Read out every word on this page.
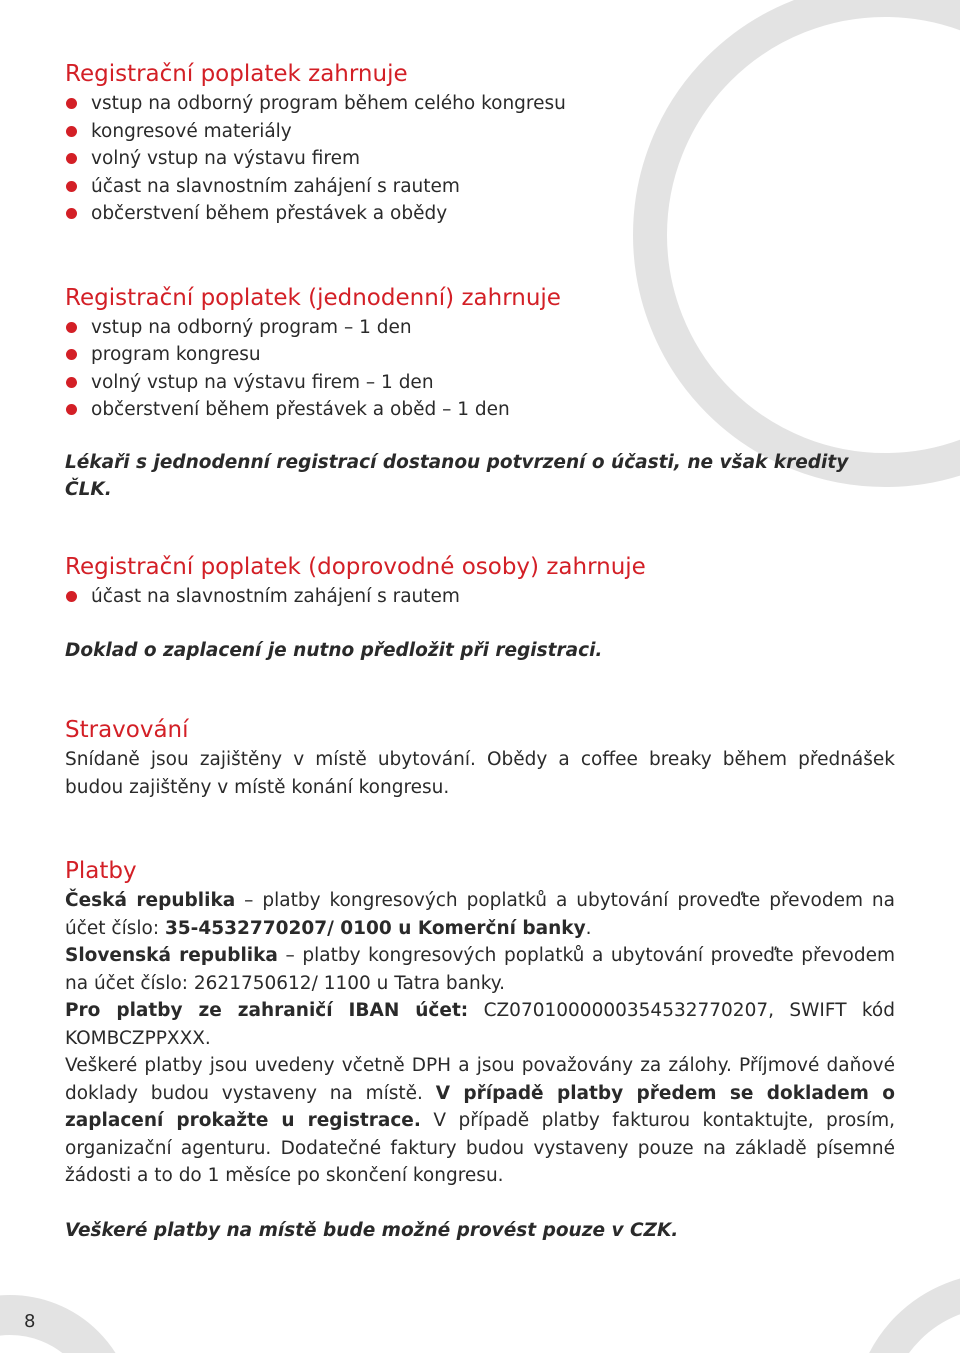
Registrační poplatek zahrnuje
vstup na odborný program během celého kongresu
kongresové materiály
volný vstup na výstavu firem
účast na slavnostním zahájení s rautem
občerstvení během přestávek a obědy
Registrační poplatek (jednodenní) zahrnuje
vstup na odborný program – 1 den
program kongresu
volný vstup na výstavu firem – 1 den
občerstvení během přestávek a oběd – 1 den

Lékaři s jednodenní registrací dostanou potvrzení o účasti, ne však kredity ČLK.

Registrační poplatek (doprovodné osoby) zahrnuje
účast na slavnostním zahájení s rautem

Doklad o zaplacení je nutno předložit při registraci.

Stravování

Snídaně jsou zajištěny v místě ubytování. Obědy a coffee breaky během přednášek budou zajištěny v místě konání kongresu.

Platby

Česká republika – platby kongresových poplatků a ubytování proveďte převodem na účet číslo: 35-4532770207/ 0100 u Komerční banky.

Slovenská republika – platby kongresových poplatků a ubytování proveďte převodem na účet číslo: 2621750612/ 1100 u Tatra banky.

Pro platby ze zahraničí IBAN účet: CZ0701000000354532770207, SWIFT kód KOMBCZPPXXX.

Veškeré platby jsou uvedeny včetně DPH a jsou považovány za zálohy. Příjmové daňové doklady budou vystaveny na místě. V případě platby předem se dokladem o zaplacení prokažte u registrace. V případě platby fakturou kontaktujte, prosím, organizační agenturu. Dodatečné faktury budou vystaveny pouze na základě písemné žádosti a to do 1 měsíce po skončení kongresu.

Veškeré platby na místě bude možné provést pouze v CZK.

8
